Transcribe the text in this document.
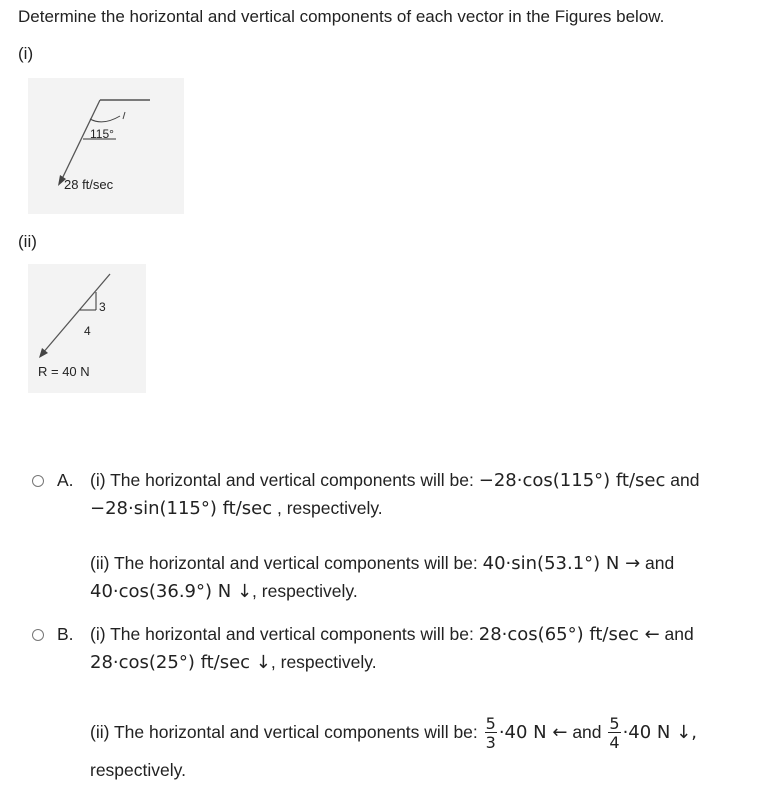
Determine the horizontal and vertical components of each vector in the Figures below.
(i)
115°
28 ft/sec
(ii)
3
4
R = 40 N
A. (i) The horizontal and vertical components will be: −28·cos(115°) ft/sec and
−28·sin(115°) ft/sec , respectively.
(ii) The horizontal and vertical components will be: 40·sin(53.1°) N → and
40·cos(36.9°) N ↓, respectively.
B. (i) The horizontal and vertical components will be: 28·cos(65°) ft/sec ← and
28·cos(25°) ft/sec ↓, respectively.
(ii) The horizontal and vertical components will be: $\frac{5}{3} \cdot 40$ N ← and $\frac{5}{4} \cdot 40$ N ↓,
respectively.
